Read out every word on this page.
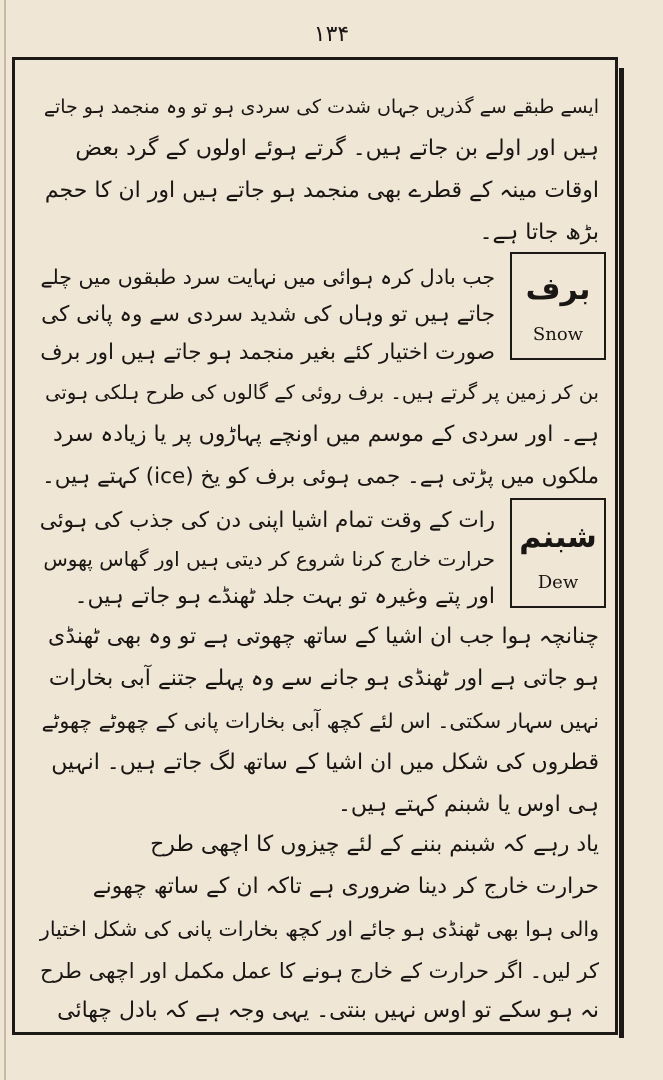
۱۳۴
ایسے طبقے سے گذریں جہاں شدت کی سردی ہو تو وہ منجمد ہو جاتے
ہیں اور اولے بن جاتے ہیں۔ گرتے ہوئے اولوں کے گرد بعض
اوقات مینہ کے قطرے بھی منجمد ہو جاتے ہیں اور ان کا حجم
بڑھ جاتا ہے۔
برف
Snow
جب بادل کرہ ہوائی میں نہایت سرد طبقوں میں چلے
جاتے ہیں تو وہاں کی شدید سردی سے وہ پانی کی
صورت اختیار کئے بغیر منجمد ہو جاتے ہیں اور برف
بن کر زمین پر گرتے ہیں۔ برف روئی کے گالوں کی طرح ہلکی ہوتی
ہے۔ اور سردی کے موسم میں اونچے پہاڑوں پر یا زیادہ سرد
ملکوں میں پڑتی ہے۔ جمی ہوئی برف کو یخ (ice) کہتے ہیں۔
شبنم
Dew
رات کے وقت تمام اشیا اپنی دن کی جذب کی ہوئی
حرارت خارج کرنا شروع کر دیتی ہیں اور گھاس پھوس
اور پتے وغیرہ تو بہت جلد ٹھنڈے ہو جاتے ہیں۔
چنانچہ ہوا جب ان اشیا کے ساتھ چھوتی ہے تو وہ بھی ٹھنڈی
ہو جاتی ہے اور ٹھنڈی ہو جانے سے وہ پہلے جتنے آبی بخارات
نہیں سہار سکتی۔ اس لئے کچھ آبی بخارات پانی کے چھوٹے چھوٹے
قطروں کی شکل میں ان اشیا کے ساتھ لگ جاتے ہیں۔ انہیں
ہی اوس یا شبنم کہتے ہیں۔
یاد رہے کہ شبنم بننے کے لئے چیزوں کا اچھی طرح
حرارت خارج کر دینا ضروری ہے تاکہ ان کے ساتھ چھونے
والی ہوا بھی ٹھنڈی ہو جائے اور کچھ بخارات پانی کی شکل اختیار
کر لیں۔ اگر حرارت کے خارج ہونے کا عمل مکمل اور اچھی طرح
نہ ہو سکے تو اوس نہیں بنتی۔ یہی وجہ ہے کہ بادل چھائی
